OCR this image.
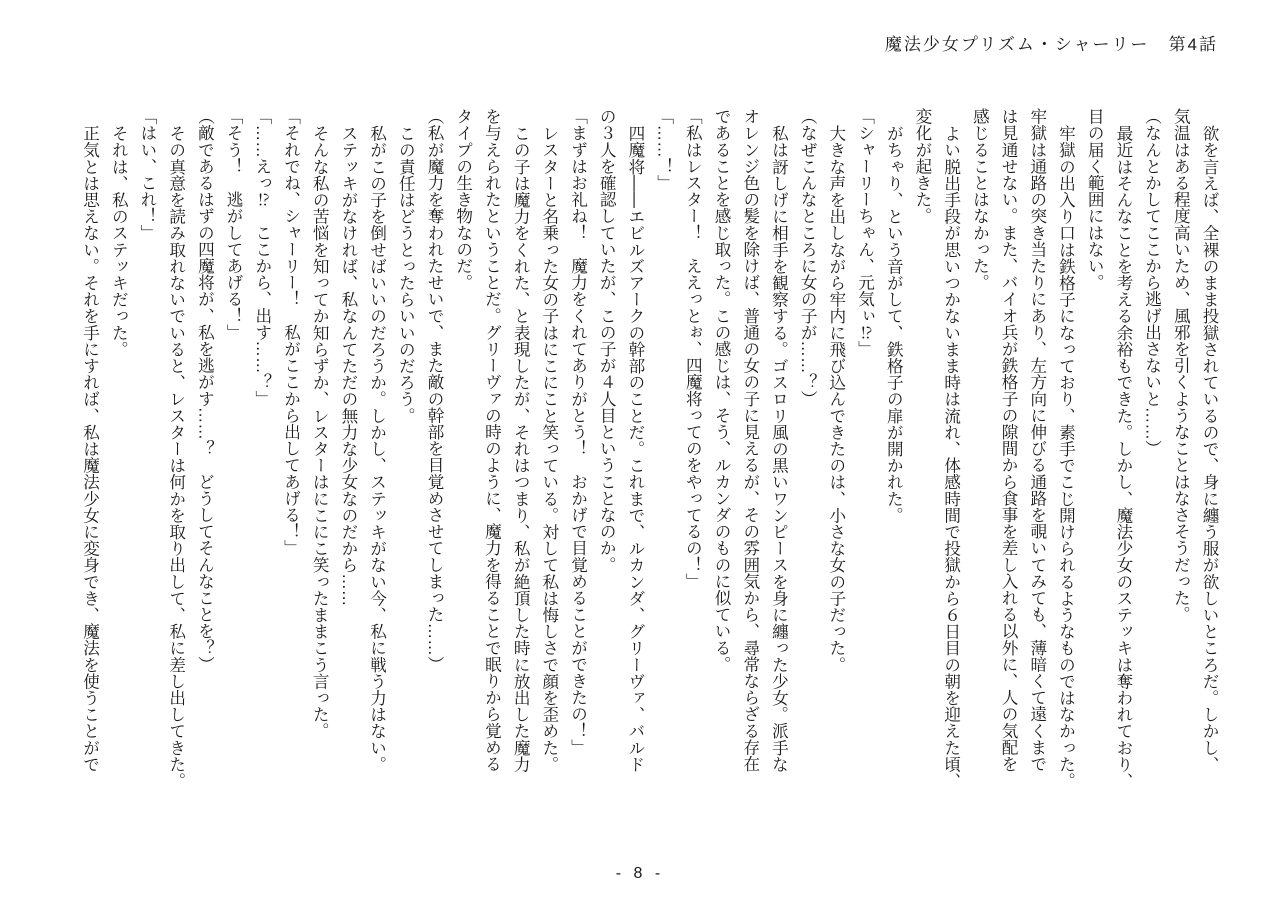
魔法少女プリズム・シャーリー　第4話

欲を言えば、全裸のまま投獄されているので、身に纏う服が欲しいところだ。しかし、

気温はある程度高いため、風邪を引くようなことはなさそうだった。

（なんとかしてここから逃げ出さないと……）

最近はそんなことを考える余裕もできた。しかし、魔法少女のステッキは奪われており、

目の届く範囲にはない。

牢獄の出入り口は鉄格子になっており、素手でこじ開けられるようなものではなかった。

牢獄は通路の突き当たりにあり、左方向に伸びる通路を覗いてみても、薄暗くて遠くまで

は見通せない。また、バイオ兵が鉄格子の隙間から食事を差し入れる以外に、人の気配を

感じることはなかった。

よい脱出手段が思いつかないまま時は流れ、体感時間で投獄から６日目の朝を迎えた頃、

変化が起きた。

がちゃり、という音がして、鉄格子の扉が開かれた。

「シャーリーちゃん、元気ぃ⁉」

大きな声を出しながら牢内に飛び込んできたのは、小さな女の子だった。

（なぜこんなところに女の子が……？）

私は訝しげに相手を観察する。ゴスロリ風の黒いワンピースを身に纏った少女。派手な

オレンジ色の髪を除けば、普通の女の子に見えるが、その雰囲気から、尋常ならざる存在

であることを感じ取った。この感じは、そう、ルカンダのものに似ている。

「私はレスター！　ええっとぉ、四魔将ってのをやってるの！」

「……！」

四魔将――エビルズアークの幹部のことだ。これまで、ルカンダ、グリーヴァ、バルド

の３人を確認していたが、この子が４人目ということなのか。

「まずはお礼ね！　魔力をくれてありがとう！　おかげで目覚めることができたの！」

レスターと名乗った女の子はにこにこと笑っている。対して私は悔しさで顔を歪めた。

この子は魔力をくれた、と表現したが、それはつまり、私が絶頂した時に放出した魔力

を与えられたということだ。グリーヴァの時のように、魔力を得ることで眠りから覚める

タイプの生き物なのだ。

（私が魔力を奪われたせいで、また敵の幹部を目覚めさせてしまった……）

この責任はどうとったらいいのだろう。

私がこの子を倒せばいいのだろうか。しかし、ステッキがない今、私に戦う力はない。

ステッキがなければ、私なんてただの無力な少女なのだから……

そんな私の苦悩を知ってか知らずか、レスターはにこにこ笑ったままこう言った。

「それでね、シャーリー！　私がここから出してあげる！」

「……えっ⁉　ここから、出す……？」

「そう！　逃がしてあげる！」

（敵であるはずの四魔将が、私を逃がす……？　どうしてそんなことを？）

その真意を読み取れないでいると、レスターは何かを取り出して、私に差し出してきた。

「はい、これ！」

それは、私のステッキだった。

正気とは思えない。それを手にすれば、私は魔法少女に変身でき、魔法を使うことがで

- 8 -
